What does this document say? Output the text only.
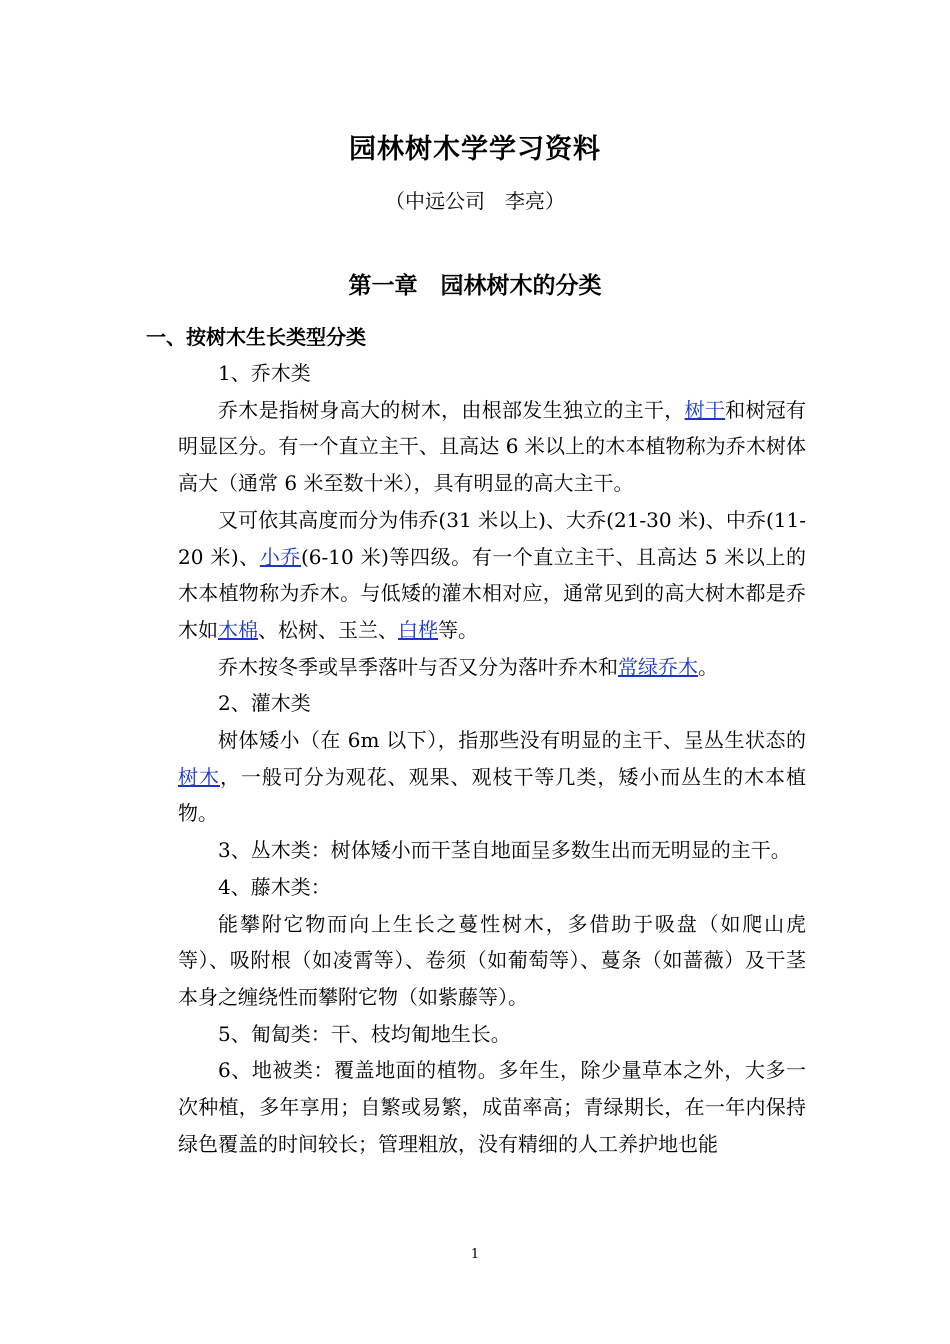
园林树木学学习资料
（中远公司　李亮）
第一章　园林树木的分类
一、按树木生长类型分类

1、乔木类

乔木是指树身高大的树木，由根部发生独立的主干，树干和树冠有明显区分。有一个直立主干、且高达 6 米以上的木本植物称为乔木树体高大（通常 6 米至数十米），具有明显的高大主干。

又可依其高度而分为伟乔(31 米以上)、大乔(21-30 米)、中乔(11-20 米)、小乔(6-10 米)等四级。有一个直立主干、且高达 5 米以上的木本植物称为乔木。与低矮的灌木相对应，通常见到的高大树木都是乔木如木棉、松树、玉兰、白桦等。

乔木按冬季或旱季落叶与否又分为落叶乔木和常绿乔木。

2、灌木类

树体矮小（在 6m 以下），指那些没有明显的主干、呈丛生状态的树木，一般可分为观花、观果、观枝干等几类，矮小而丛生的木本植物。

3、丛木类：树体矮小而干茎自地面呈多数生出而无明显的主干。

4、藤木类：

能攀附它物而向上生长之蔓性树木，多借助于吸盘（如爬山虎等）、吸附根（如凌霄等）、卷须（如葡萄等）、蔓条（如蔷薇）及干茎本身之缠绕性而攀附它物（如紫藤等）。

5、匍匐类：干、枝均匍地生长。

6、地被类：覆盖地面的植物。多年生，除少量草本之外，大多一次种植，多年享用；自繁或易繁，成苗率高；青绿期长，在一年内保持绿色覆盖的时间较长；管理粗放，没有精细的人工养护地也能

1
